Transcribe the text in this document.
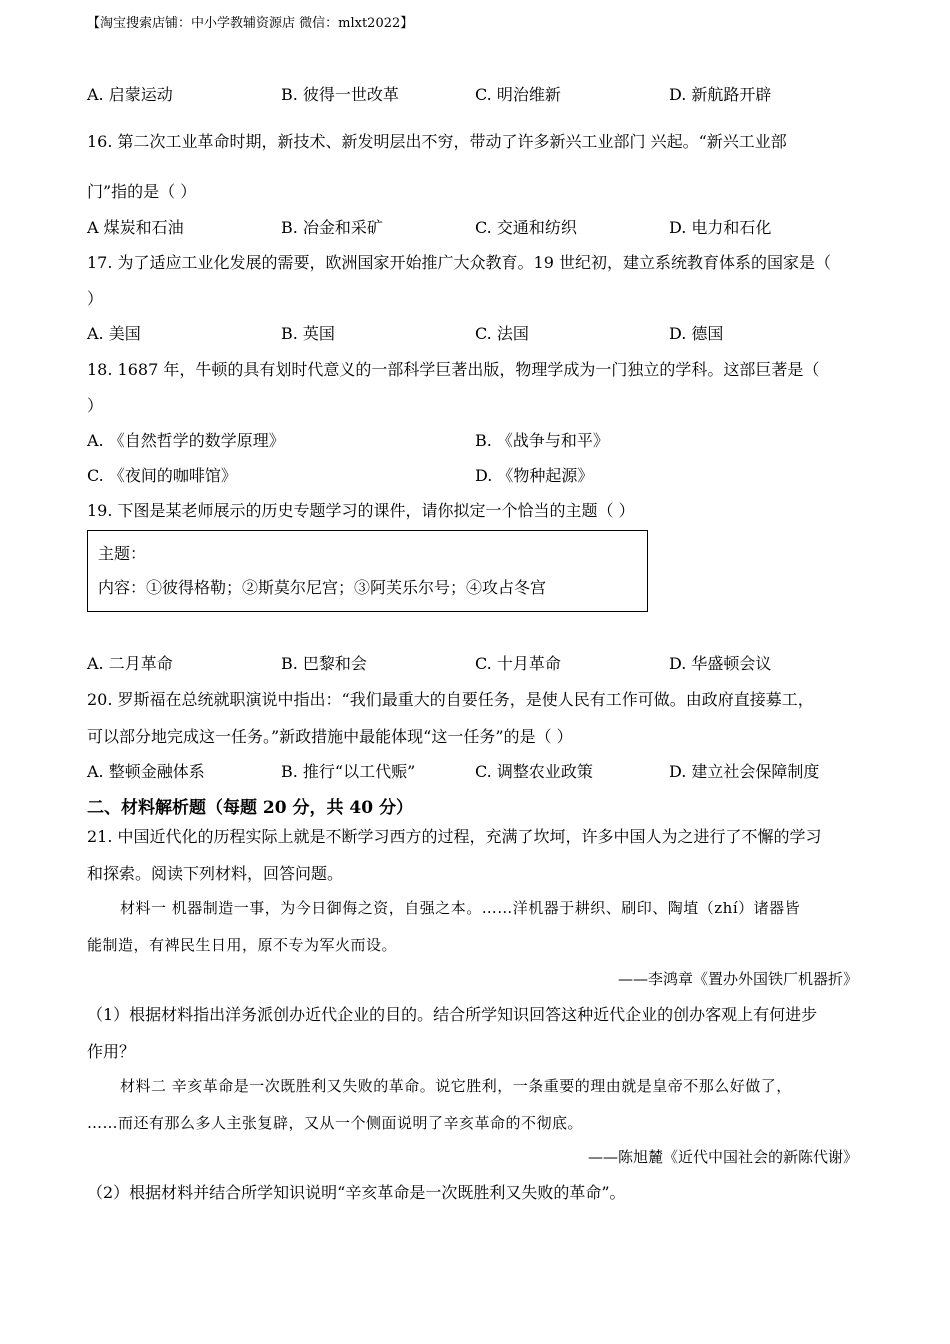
【淘宝搜索店铺：中小学教辅资源店 微信：mlxt2022】
A. 启蒙运动	B. 彼得一世改革	C. 明治维新	D. 新航路开辟
16. 第二次工业革命时期，新技术、新发明层出不穷，带动了许多新兴工业部门 兴起。“新兴工业部
门”指的是（ ）
A 煤炭和石油	B. 冶金和采矿	C. 交通和纺织	D. 电力和石化
17. 为了适应工业化发展的需要，欧洲国家开始推广大众教育。19 世纪初，建立系统教育体系的国家是（
）
A. 美国	B. 英国	C. 法国	D. 德国
18. 1687 年，牛顿的具有划时代意义的一部科学巨著出版，物理学成为一门独立的学科。这部巨著是（
）
A. 《自然哲学的数学原理》	B. 《战争与和平》
C. 《夜间的咖啡馆》	D. 《物种起源》
19. 下图是某老师展示的历史专题学习的课件，请你拟定一个恰当的主题（ ）
主题：
内容：①彼得格勒；②斯莫尔尼宫；③阿芙乐尔号；④攻占冬宫
A. 二月革命	B. 巴黎和会	C. 十月革命	D. 华盛顿会议
20. 罗斯福在总统就职演说中指出：“我们最重大的自要任务，是使人民有工作可做。由政府直接募工，
可以部分地完成这一任务。”新政措施中最能体现“这一任务”的是（ ）
A. 整顿金融体系	B. 推行“以工代赈”	C. 调整农业政策	D. 建立社会保障制度
二、材料解析题（每题 20 分，共 40 分）
21. 中国近代化的历程实际上就是不断学习西方的过程，充满了坎坷，许多中国人为之进行了不懈的学习
和探索。阅读下列材料，回答问题。
材料一 机器制造一事，为今日御侮之资，自强之本。……洋机器于耕织、刷印、陶埴（zhí）诸器皆
能制造，有裨民生日用，原不专为军火而设。
——李鸿章《置办外国铁厂机器折》
（1）根据材料指出洋务派创办近代企业的目的。结合所学知识回答这种近代企业的创办客观上有何进步
作用？
材料二 辛亥革命是一次既胜利又失败的革命。说它胜利，一条重要的理由就是皇帝不那么好做了，
……而还有那么多人主张复辟，又从一个侧面说明了辛亥革命的不彻底。
——陈旭麓《近代中国社会的新陈代谢》
（2）根据材料并结合所学知识说明“辛亥革命是一次既胜利又失败的革命”。
